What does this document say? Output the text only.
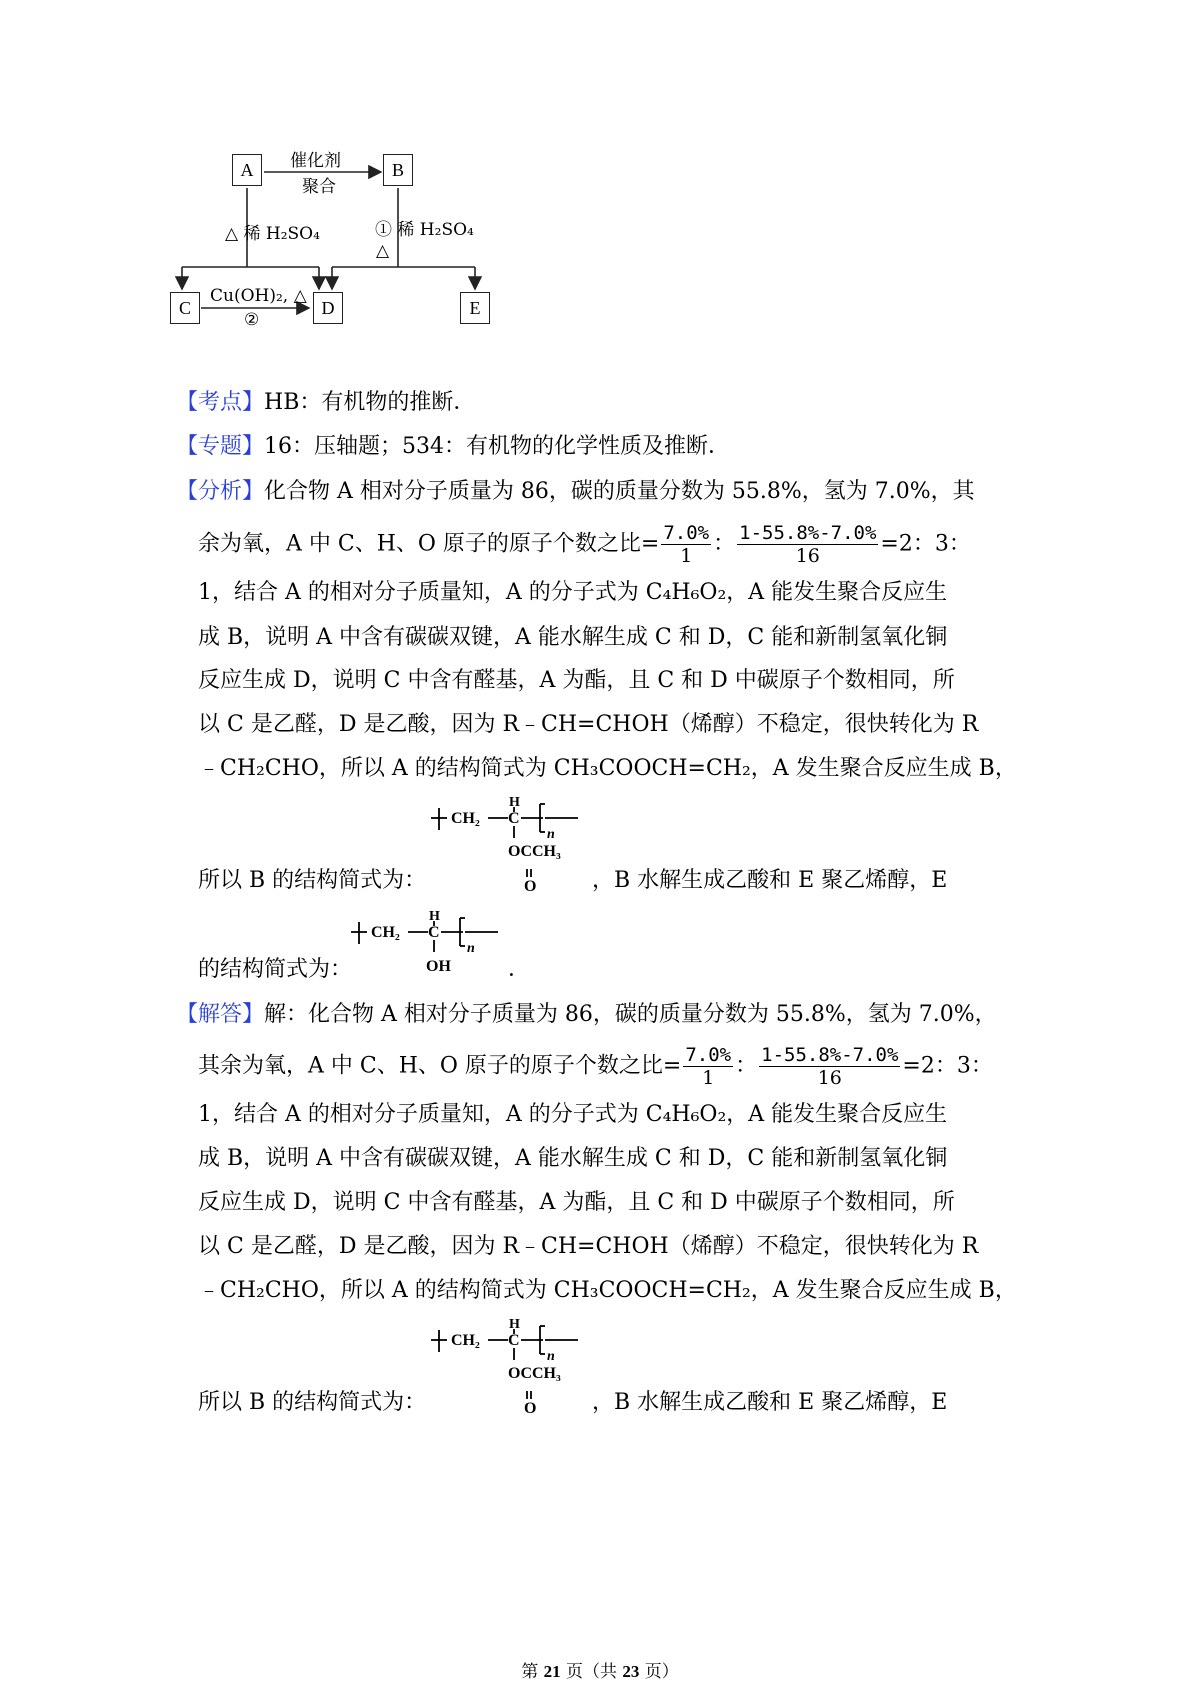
A	B
C	D	E
催化剂
聚合
△ 稀 H₂SO₄	① 稀 H₂SO₄
△
Cu(OH)₂, △
②
【考点】HB：有机物的推断．
【专题】16：压轴题；534：有机物的化学性质及推断．
【分析】化合物 A 相对分子质量为 86，碳的质量分数为 55.8%，氢为 7.0%，其
余为氧，A 中 C、H、O 原子的原子个数之比= $\frac{7.0\%}{1}$ ： $\frac{1-55.8\%-7.0\%}{16} =2$：3：
1，结合 A 的相对分子质量知，A 的分子式为 C₄H₆O₂，A 能发生聚合反应生
成 B，说明 A 中含有碳碳双键，A 能水解生成 C 和 D，C 能和新制氢氧化铜
反应生成 D，说明 C 中含有醛基，A 为酯，且 C 和 D 中碳原子个数相同，所
以 C 是乙醛，D 是乙酸，因为 R﹣CH=CHOH（烯醇）不稳定，很快转化为 R
﹣CH₂CHO，所以 A 的结构简式为 CH₃COOCH=CH₂，A 发生聚合反应生成 B，
CH₂ C
H
n
OCCH₃
O
所以 B 的结构简式为：	，B 水解生成乙酸和 E 聚乙烯醇，E
CH₂ C
H
n
OH
的结构简式为：	．
【解答】解：化合物 A 相对分子质量为 86，碳的质量分数为 55.8%，氢为 7.0%，
其余为氧，A 中 C、H、O 原子的原子个数之比= $\frac{7.0\%}{1}$ ： $\frac{1-55.8\%-7.0\%}{16} =2$：3：
1，结合 A 的相对分子质量知，A 的分子式为 C₄H₆O₂，A 能发生聚合反应生
成 B，说明 A 中含有碳碳双键，A 能水解生成 C 和 D，C 能和新制氢氧化铜
反应生成 D，说明 C 中含有醛基，A 为酯，且 C 和 D 中碳原子个数相同，所
以 C 是乙醛，D 是乙酸，因为 R﹣CH=CHOH（烯醇）不稳定，很快转化为 R
﹣CH₂CHO，所以 A 的结构简式为 CH₃COOCH=CH₂，A 发生聚合反应生成 B，
CH₂ C
H
n
OCCH₃
O
所以 B 的结构简式为：	，B 水解生成乙酸和 E 聚乙烯醇，E
第 21 页（共 23 页）
